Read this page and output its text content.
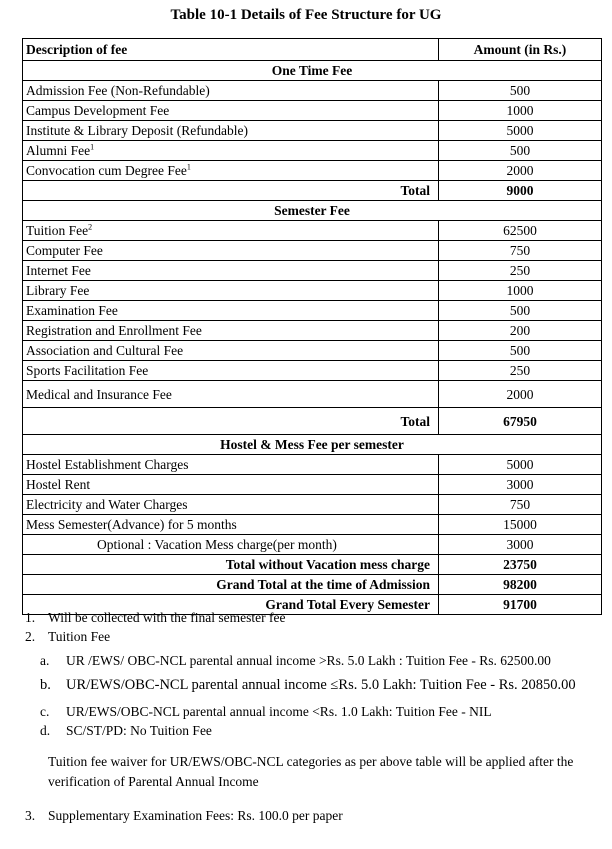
Table 10-1 Details of Fee Structure for UG
Description of fee	Amount (in Rs.)
One Time Fee	
Admission Fee (Non-Refundable)	500
Campus Development Fee	1000
Institute & Library Deposit (Refundable)	5000
Alumni Fee$^1$	500
Convocation cum Degree Fee$^1$	2000
Total	9000
Semester Fee	
Tuition Fee$^2$	62500
Computer Fee	750
Internet Fee	250
Library Fee	1000
Examination Fee	500
Registration and Enrollment Fee	200
Association and Cultural Fee	500
Sports Facilitation Fee	250
Medical and Insurance Fee	2000
Total	67950
Hostel & Mess Fee per semester	
Hostel Establishment Charges	5000
Hostel Rent	3000
Electricity and Water Charges	750
Mess Semester(Advance) for 5 months	15000
Optional : Vacation Mess charge(per month)	3000
Total without Vacation mess charge	23750
Grand Total at the time of Admission	98200
Grand Total Every Semester	91700
1. Will be collected with the final semester fee
2. Tuition Fee
a. UR /EWS/ OBC-NCL parental annual income >Rs. 5.0 Lakh : Tuition Fee - Rs. 62500.00
b. UR/EWS/OBC-NCL parental annual income ≤Rs. 5.0 Lakh: Tuition Fee - Rs. 20850.00
c. UR/EWS/OBC-NCL parental annual income <Rs. 1.0 Lakh: Tuition Fee - NIL
d. SC/ST/PD: No Tuition Fee
Tuition fee waiver for UR/EWS/OBC-NCL categories as per above table will be applied after the verification of Parental Annual Income
3. Supplementary Examination Fees: Rs. 100.0 per paper
